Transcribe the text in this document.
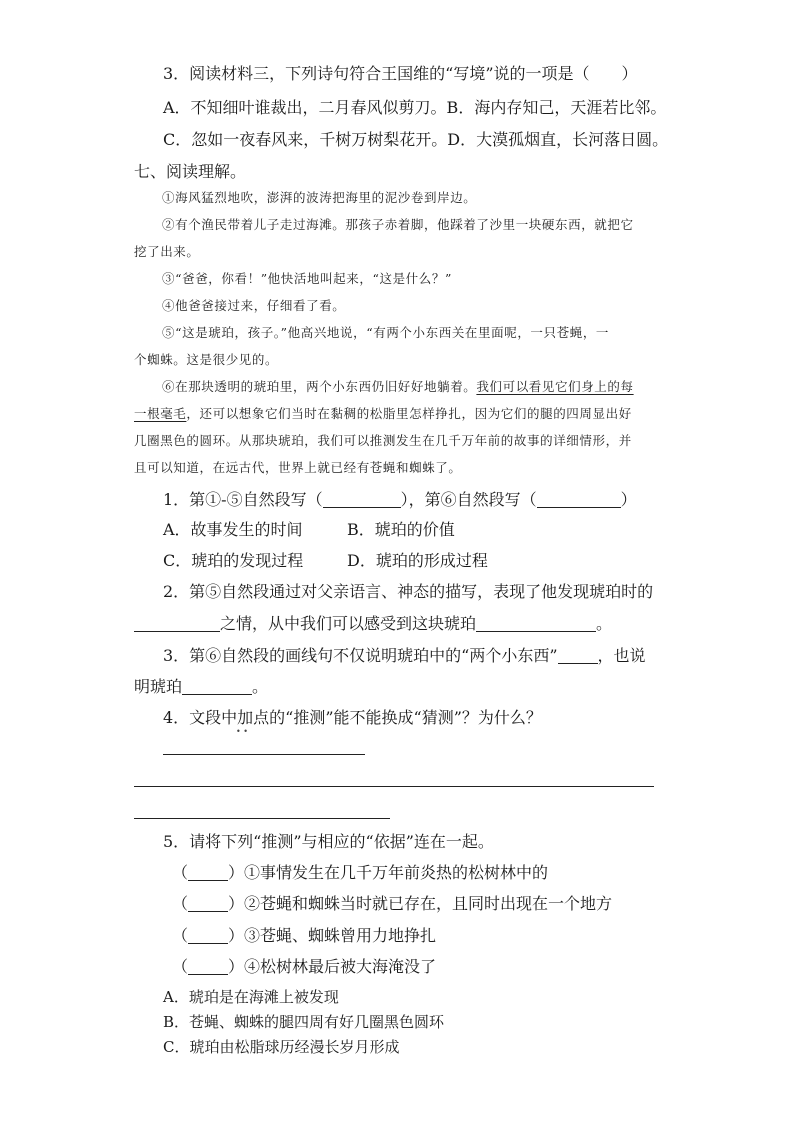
3．阅读材料三，下列诗句符合王国维的“写境”说的一项是（　　）
A．不知细叶谁裁出，二月春风似剪刀。B．海内存知己，天涯若比邻。
C．忽如一夜春风来，千树万树梨花开。D．大漠孤烟直，长河落日圆。
七、阅读理解。
①海风猛烈地吹，澎湃的波涛把海里的泥沙卷到岸边。
②有个渔民带着儿子走过海滩。那孩子赤着脚，他踩着了沙里一块硬东西，就把它
挖了出来。
③“爸爸，你看！”他快活地叫起来，“这是什么？”
④他爸爸接过来，仔细看了看。
⑤“这是琥珀，孩子。”他高兴地说，“有两个小东西关在里面呢，一只苍蝇，一
个蜘蛛。这是很少见的。
⑥在那块透明的琥珀里，两个小东西仍旧好好地躺着。我们可以看见它们身上的每
一根毫毛，还可以想象它们当时在黏稠的松脂里怎样挣扎，因为它们的腿的四周显出好
几圈黑色的圆环。从那块琥珀，我们可以推测发生在几千万年前的故事的详细情形，并
且可以知道，在远古代，世界上就已经有苍蝇和蜘蛛了。
1．第①-⑤自然段写（	），第⑥自然段写（	）
A．故事发生的时间	B．琥珀的价值
C．琥珀的发现过程	D．琥珀的形成过程
2．第⑤自然段通过对父亲语言、神态的描写，表现了他发现琥珀时的
之情，从中我们可以感受到这块琥珀	。
3．第⑥自然段的画线句不仅说明琥珀中的“两个小东西”	，也说
明琥珀	。
4．文段中加点的“推测”能不能换成“猜测”？为什么？
• •
5．请将下列“推测”与相应的“依据”连在一起。
（	）①事情发生在几千万年前炎热的松树林中的
（	）②苍蝇和蜘蛛当时就已存在，且同时出现在一个地方
（	）③苍蝇、蜘蛛曾用力地挣扎
（	）④松树林最后被大海淹没了
A．琥珀是在海滩上被发现
B．苍蝇、蜘蛛的腿四周有好几圈黑色圆环
C．琥珀由松脂球历经漫长岁月形成
